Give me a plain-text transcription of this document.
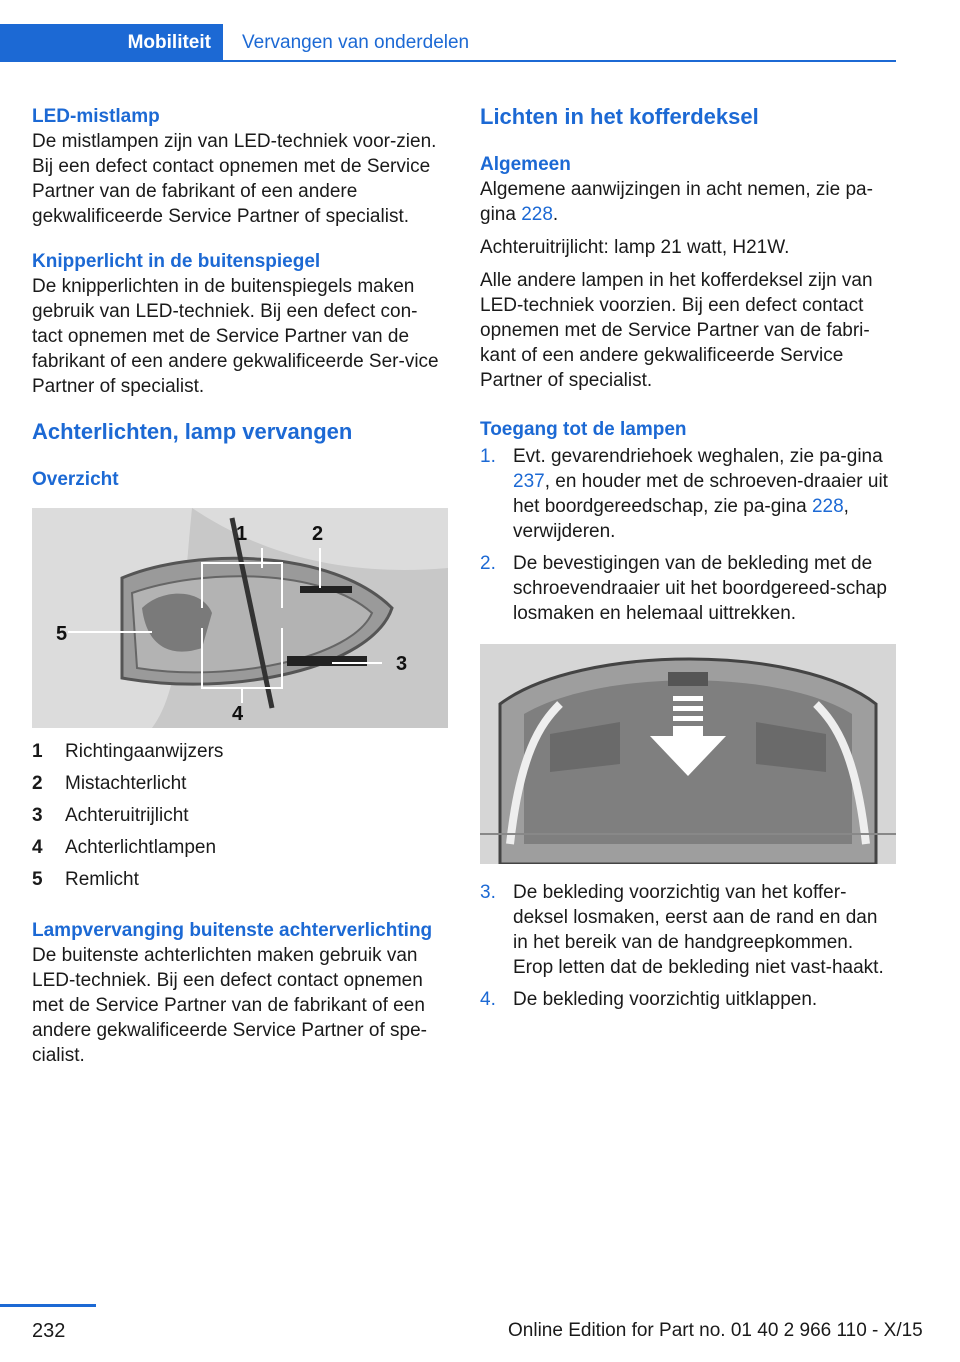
Mobiliteit	Vervangen van onderdelen
LED-mistlamp

De mistlampen zijn van LED-techniek voor-zien. Bij een defect contact opnemen met de Service Partner van de fabrikant of een andere gekwalificeerde Service Partner of specialist.

Knipperlicht in de buitenspiegel

De knipperlichten in de buitenspiegels maken gebruik van LED-techniek. Bij een defect con-tact opnemen met de Service Partner van de fabrikant of een andere gekwalificeerde Ser-vice Partner of specialist.

Achterlichten, lamp vervangen
Overzicht
1	2
3
4
5
1	Richtingaanwijzers
2	Mistachterlicht
3	Achteruitrijlicht
4	Achterlichtlampen
5	Remlicht
Lampvervanging buitenste achterverlichting

De buitenste achterlichten maken gebruik van LED-techniek. Bij een defect contact opnemen met de Service Partner van de fabrikant of een andere gekwalificeerde Service Partner of spe-cialist.

Lichten in het kofferdeksel
Algemeen

Algemene aanwijzingen in acht nemen, zie pa-gina 228.

Achteruitrijlicht: lamp 21 watt, H21W.

Alle andere lampen in het kofferdeksel zijn van LED-techniek voorzien. Bij een defect contact opnemen met de Service Partner van de fabri-kant of een andere gekwalificeerde Service Partner of specialist.

Toegang tot de lampen
1. Evt. gevarendriehoek weghalen, zie pa-gina 237, en houder met de schroeven-draaier uit het boordgereedschap, zie pa-gina 228, verwijderen.
2. De bevestigingen van de bekleding met de schroevendraaier uit het boordgereed-schap losmaken en helemaal uittrekken.
3. De bekleding voorzichtig van het koffer-deksel losmaken, eerst aan de rand en dan in het bereik van de handgreepkommen. Erop letten dat de bekleding niet vast-haakt.
4. De bekleding voorzichtig uitklappen.
232	Online Edition for Part no. 01 40 2 966 110 - X/15
